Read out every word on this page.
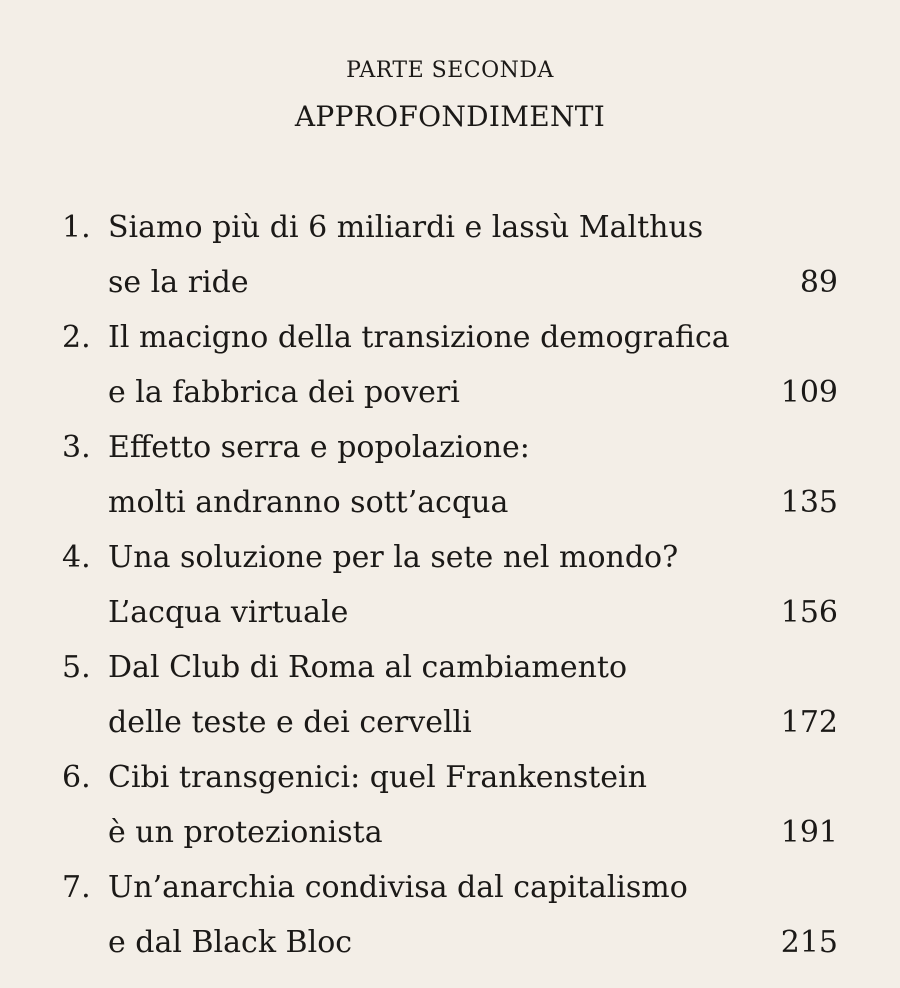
PARTE SECONDA
APPROFONDIMENTI
1. Siamo più di 6 miliardi e lassù Malthus
se la ride	89
2. Il macigno della transizione demografica
e la fabbrica dei poveri	109
3. Effetto serra e popolazione:
molti andranno sott’acqua	135
4. Una soluzione per la sete nel mondo?
L’acqua virtuale	156
5. Dal Club di Roma al cambiamento
delle teste e dei cervelli	172
6. Cibi transgenici: quel Frankenstein
è un protezionista	191
7. Un’anarchia condivisa dal capitalismo
e dal Black Bloc	215
